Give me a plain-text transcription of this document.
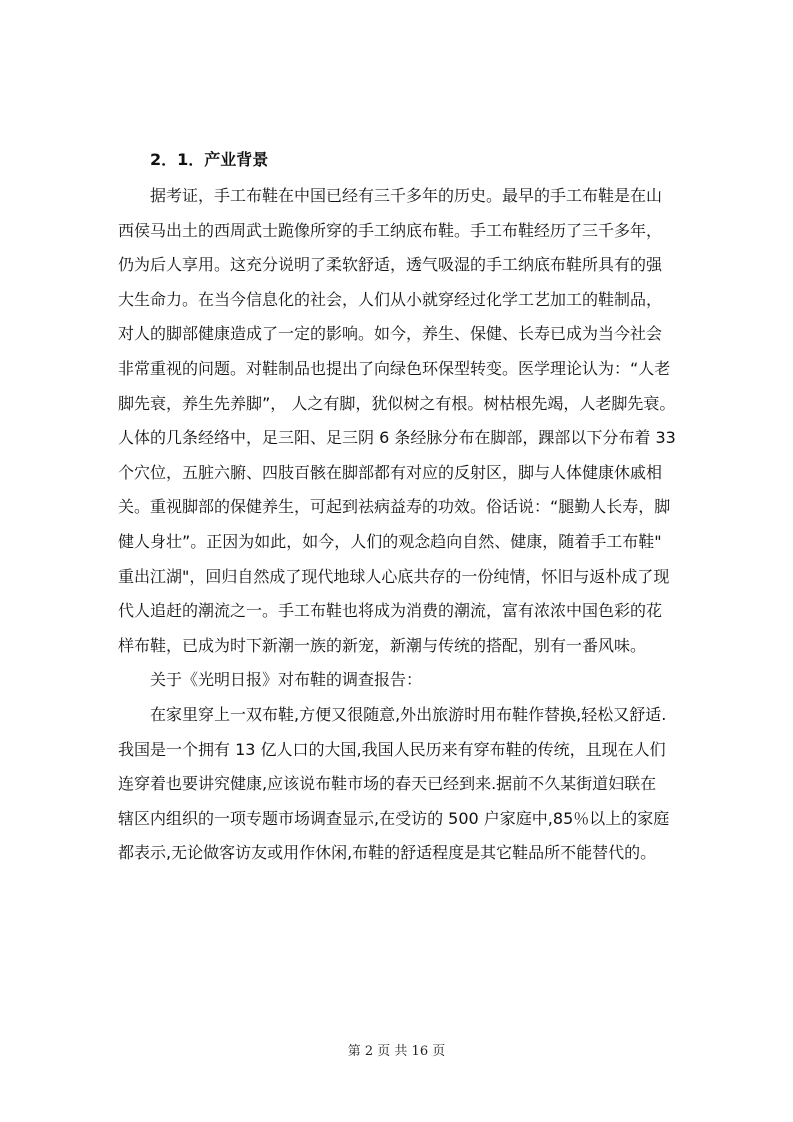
2．1．产业背景
据考证，手工布鞋在中国已经有三千多年的历史。最早的手工布鞋是在山
西侯马出土的西周武士跪像所穿的手工纳底布鞋。手工布鞋经历了三千多年，
仍为后人享用。这充分说明了柔软舒适，透气吸湿的手工纳底布鞋所具有的强
大生命力。在当今信息化的社会，人们从小就穿经过化学工艺加工的鞋制品，
对人的脚部健康造成了一定的影响。如今，养生、保健、长寿已成为当今社会
非常重视的问题。对鞋制品也提出了向绿色环保型转变。医学理论认为：“人老
脚先衰，养生先养脚”， 人之有脚，犹似树之有根。树枯根先竭，人老脚先衰。
人体的几条经络中，足三阳、足三阴 6 条经脉分布在脚部，踝部以下分布着 33
个穴位，五脏六腑、四肢百骸在脚部都有对应的反射区，脚与人体健康休戚相
关。重视脚部的保健养生，可起到祛病益寿的功效。俗话说：“腿勤人长寿，脚
健人身壮”。正因为如此，如今，人们的观念趋向自然、健康，随着手工布鞋"
重出江湖"，回归自然成了现代地球人心底共存的一份纯情，怀旧与返朴成了现
代人追赶的潮流之一。手工布鞋也将成为消费的潮流，富有浓浓中国色彩的花
样布鞋，已成为时下新潮一族的新宠，新潮与传统的搭配，别有一番风味。
关于《光明日报》对布鞋的调查报告：
在家里穿上一双布鞋,方便又很随意,外出旅游时用布鞋作替换,轻松又舒适.
我国是一个拥有 13 亿人口的大国,我国人民历来有穿布鞋的传统，且现在人们
连穿着也要讲究健康,应该说布鞋市场的春天已经到来.据前不久某街道妇联在
辖区内组织的一项专题市场调查显示,在受访的 500 户家庭中,85％以上的家庭
都表示,无论做客访友或用作休闲,布鞋的舒适程度是其它鞋品所不能替代的。
第 2 页 共 16 页
